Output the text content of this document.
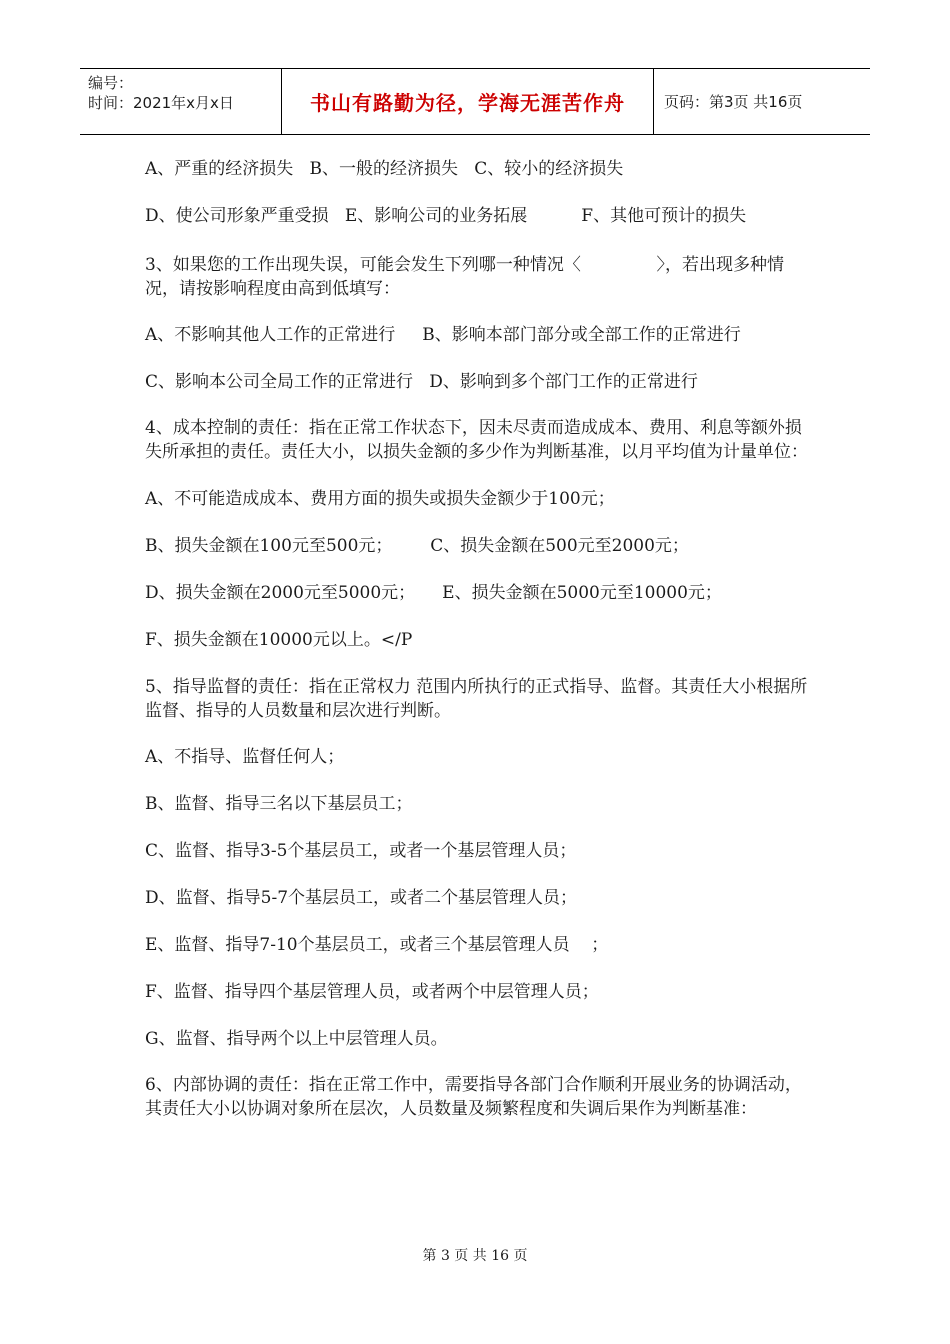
编号：
时间：2021年x月x日	书山有路勤为径，学海无涯苦作舟	页码：第3页 共16页

A、严重的经济损失   B、一般的经济损失   C、较小的经济损失

D、使公司形象严重受损   E、影响公司的业务拓展          F、其他可预计的损失

3、如果您的工作出现失误，可能会发生下列哪一种情况〈              〉，若出现多种情况，请按影响程度由高到低填写：

A、不影响其他人工作的正常进行     B、影响本部门部分或全部工作的正常进行

C、影响本公司全局工作的正常进行   D、影响到多个部门工作的正常进行

4、成本控制的责任：指在正常工作状态下，因未尽责而造成成本、费用、利息等额外损失所承担的责任。责任大小，以损失金额的多少作为判断基准，以月平均值为计量单位：

A、不可能造成成本、费用方面的损失或损失金额少于100元；

B、损失金额在100元至500元；       C、损失金额在500元至2000元；

D、损失金额在2000元至5000元；     E、损失金额在5000元至10000元；

F、损失金额在10000元以上。</P

5、指导监督的责任：指在正常权力 范围内所执行的正式指导、监督。其责任大小根据所监督、指导的人员数量和层次进行判断。

A、不指导、监督任何人；

B、监督、指导三名以下基层员工；

C、监督、指导3-5个基层员工，或者一个基层管理人员；

D、监督、指导5-7个基层员工，或者二个基层管理人员；

E、监督、指导7-10个基层员工，或者三个基层管理人员    ；

F、监督、指导四个基层管理人员，或者两个中层管理人员；

G、监督、指导两个以上中层管理人员。

6、内部协调的责任：指在正常工作中，需要指导各部门合作顺利开展业务的协调活动，其责任大小以协调对象所在层次，人员数量及频繁程度和失调后果作为判断基准：

第 3 页 共 16 页
